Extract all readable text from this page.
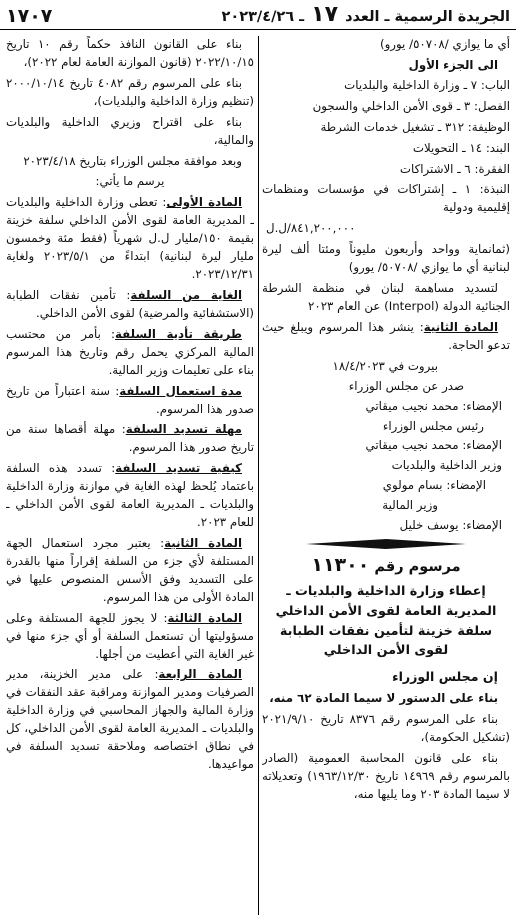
الجريدة الرسمية ـ العدد ١٧ ـ ٢٠٢٣/٤/٢٦
١٧٠٧

أي ما يوازي /٥٠٧٠٨/ يورو)

الى الجزء الأول

الباب: ٧ ـ وزارة الداخلية والبلديات

الفصل: ٣ ـ قوى الأمن الداخلي والسجون

الوظيفة: ٣١٢ ـ تشغيل خدمات الشرطة

البند: ١٤ ـ التحويلات

الفقرة: ٦ ـ الاشتراكات

النبذة: ١ ـ إشتراكات في مؤسسات ومنظمات إقليمية ودولية

٨٤١,٢٠٠,٠٠٠/ل.ل

(ثمانماية وواحد وأربعون مليوناً ومئتا ألف ليرة لبنانية أي ما يوازي /٥٠٧٠٨/ يورو)

لتسديد مساهمة لبنان في منظمة الشرطة الجنائية الدولة (Interpol) عن العام ٢٠٢٣

المادة الثانية: ينشر هذا المرسوم ويبلغ حيث تدعو الحاجة.

بيروت في ١٨/٤/٢٠٢٣

صدر عن مجلس الوزراء

الإمضاء: محمد نجيب ميقاتي

رئيس مجلس الوزراء

الإمضاء: محمد نجيب ميقاتي

وزير الداخلية والبلديات

الإمضاء: بسام مولوي

وزير المالية

الإمضاء: يوسف خليل

مرسوم رقم ١١٣٠٠

إعطاء وزارة الداخلية والبلديات ـ المديرية العامة لقوى الأمن الداخلي سلفة خزينة لتأمين نفقات الطبابة لقوى الأمن الداخلي

إن مجلس الوزراء

بناء على الدستور لا سيما المادة ٦٢ منه،

بناء على المرسوم رقم ٨٣٧٦ تاريخ ٢٠٢١/٩/١٠ (تشكيل الحكومة)،

بناء على قانون المحاسبة العمومية (الصادر بالمرسوم رقم ١٤٩٦٩ تاريخ ١٩٦٣/١٢/٣٠) وتعديلاته لا سيما المادة ٢٠٣ وما يليها منه،

بناء على القانون النافذ حكماً رقم ١٠ تاريخ ٢٠٢٢/١٠/١٥ (قانون الموازنة العامة لعام ٢٠٢٢)،

بناء على المرسوم رقم ٤٠٨٢ تاريخ ٢٠٠٠/١٠/١٤ (تنظيم وزارة الداخلية والبلديات)،

بناء على اقتراح وزيري الداخلية والبلديات والمالية،

وبعد موافقة مجلس الوزراء بتاريخ ٢٠٢٣/٤/١٨

يرسم ما يأتي:

المادة الأولى: تعطى وزارة الداخلية والبلديات ـ المديرية العامة لقوى الأمن الداخلي سلفة خزينة بقيمة ١٥٠/مليار ل.ل شهرياً (فقط مئة وخمسون مليار ليرة لبنانية) ابتداءً من ٢٠٢٣/٥/١ ولغاية ٢٠٢٣/١٢/٣١.

الغاية من السلفة: تأمين نفقات الطبابة (الاستشفائية والمرضية) لقوى الأمن الداخلي.

طريقة تأدية السلفة: بأمر من محتسب المالية المركزي يحمل رقم وتاريخ هذا المرسوم بناء على تعليمات وزير المالية.

مدة استعمال السلفة: سنة اعتباراً من تاريخ صدور هذا المرسوم.

مهلة تسديد السلفة: مهلة أقصاها سنة من تاريخ صدور هذا المرسوم.

كيفية تسديد السلفة: تسدد هذه السلفة باعتماد يُلحظ لهذه الغاية في موازنة وزارة الداخلية والبلديات ـ المديرية العامة لقوى الأمن الداخلي ـ للعام ٢٠٢٣.

المادة الثانية: يعتبر مجرد استعمال الجهة المستلفة لأي جزء من السلفة إقراراً منها بالقدرة على التسديد وفق الأسس المنصوص عليها في المادة الأولى من هذا المرسوم.

المادة الثالثة: لا يجوز للجهة المستلفة وعلى مسؤوليتها أن تستعمل السلفة أو أي جزء منها في غير الغاية التي أعطيت من أجلها.

المادة الرابعة: على مدير الخزينة، مدير الصرفيات ومدير الموازنة ومراقبة عقد النفقات في وزارة المالية والجهاز المحاسبي في وزارة الداخلية والبلديات ـ المديرية العامة لقوى الأمن الداخلي، كل في نطاق اختصاصه وملاحقة تسديد السلفة في مواعيدها.
